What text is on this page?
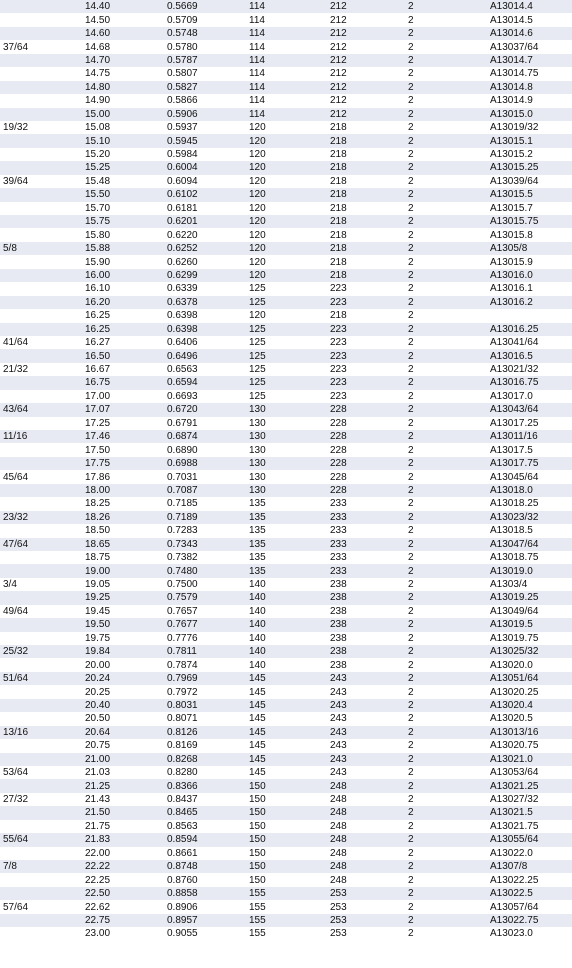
	14.40	0.5669	114	212	2	A13014.4
	14.50	0.5709	114	212	2	A13014.5
	14.60	0.5748	114	212	2	A13014.6
37/64	14.68	0.5780	114	212	2	A13037/64
	14.70	0.5787	114	212	2	A13014.7
	14.75	0.5807	114	212	2	A13014.75
	14.80	0.5827	114	212	2	A13014.8
	14.90	0.5866	114	212	2	A13014.9
	15.00	0.5906	114	212	2	A13015.0
19/32	15.08	0.5937	120	218	2	A13019/32
	15.10	0.5945	120	218	2	A13015.1
	15.20	0.5984	120	218	2	A13015.2
	15.25	0.6004	120	218	2	A13015.25
39/64	15.48	0.6094	120	218	2	A13039/64
	15.50	0.6102	120	218	2	A13015.5
	15.70	0.6181	120	218	2	A13015.7
	15.75	0.6201	120	218	2	A13015.75
	15.80	0.6220	120	218	2	A13015.8
5/8	15.88	0.6252	120	218	2	A1305/8
	15.90	0.6260	120	218	2	A13015.9
	16.00	0.6299	120	218	2	A13016.0
	16.10	0.6339	125	223	2	A13016.1
	16.20	0.6378	125	223	2	A13016.2
	16.25	0.6398	120	218	2	
	16.25	0.6398	125	223	2	A13016.25
41/64	16.27	0.6406	125	223	2	A13041/64
	16.50	0.6496	125	223	2	A13016.5
21/32	16.67	0.6563	125	223	2	A13021/32
	16.75	0.6594	125	223	2	A13016.75
	17.00	0.6693	125	223	2	A13017.0
43/64	17.07	0.6720	130	228	2	A13043/64
	17.25	0.6791	130	228	2	A13017.25
11/16	17.46	0.6874	130	228	2	A13011/16
	17.50	0.6890	130	228	2	A13017.5
	17.75	0.6988	130	228	2	A13017.75
45/64	17.86	0.7031	130	228	2	A13045/64
	18.00	0.7087	130	228	2	A13018.0
	18.25	0.7185	135	233	2	A13018.25
23/32	18.26	0.7189	135	233	2	A13023/32
	18.50	0.7283	135	233	2	A13018.5
47/64	18.65	0.7343	135	233	2	A13047/64
	18.75	0.7382	135	233	2	A13018.75
	19.00	0.7480	135	233	2	A13019.0
3/4	19.05	0.7500	140	238	2	A1303/4
	19.25	0.7579	140	238	2	A13019.25
49/64	19.45	0.7657	140	238	2	A13049/64
	19.50	0.7677	140	238	2	A13019.5
	19.75	0.7776	140	238	2	A13019.75
25/32	19.84	0.7811	140	238	2	A13025/32
	20.00	0.7874	140	238	2	A13020.0
51/64	20.24	0.7969	145	243	2	A13051/64
	20.25	0.7972	145	243	2	A13020.25
	20.40	0.8031	145	243	2	A13020.4
	20.50	0.8071	145	243	2	A13020.5
13/16	20.64	0.8126	145	243	2	A13013/16
	20.75	0.8169	145	243	2	A13020.75
	21.00	0.8268	145	243	2	A13021.0
53/64	21.03	0.8280	145	243	2	A13053/64
	21.25	0.8366	150	248	2	A13021.25
27/32	21.43	0.8437	150	248	2	A13027/32
	21.50	0.8465	150	248	2	A13021.5
	21.75	0.8563	150	248	2	A13021.75
55/64	21.83	0.8594	150	248	2	A13055/64
	22.00	0.8661	150	248	2	A13022.0
7/8	22.22	0.8748	150	248	2	A1307/8
	22.25	0.8760	150	248	2	A13022.25
	22.50	0.8858	155	253	2	A13022.5
57/64	22.62	0.8906	155	253	2	A13057/64
	22.75	0.8957	155	253	2	A13022.75
	23.00	0.9055	155	253	2	A13023.0
